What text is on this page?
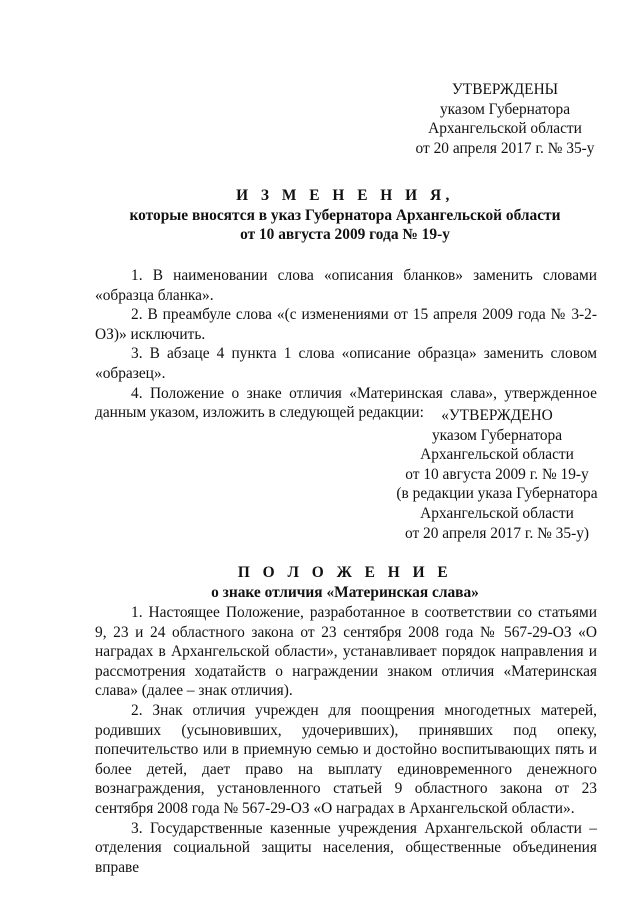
УТВЕРЖДЕНЫ
указом Губернатора
Архангельской области
от 20 апреля 2017 г. № 35-у
И З М Е Н Е Н И Я,
которые вносятся в указ Губернатора Архангельской области
от 10 августа 2009 года № 19-у

1. В наименовании слова «описания бланков» заменить словами «образца бланка».

2. В преамбуле слова «(с изменениями от 15 апреля 2009 года № 3-2-ОЗ)» исключить.

3. В абзаце 4 пункта 1 слова «описание образца» заменить словом «образец».

4. Положение о знаке отличия «Материнская слава», утвержденное данным указом, изложить в следующей редакции:	«УТВЕРЖДЕНО
указом Губернатора
Архангельской области
от 10 августа 2009 г. № 19-у
(в редакции указа Губернатора
Архангельской области
от 20 апреля 2017 г. № 35-у)
П О Л О Ж Е Н И Е
о знаке отличия «Материнская слава»

1. Настоящее Положение, разработанное в соответствии со статьями 9, 23 и 24 областного закона от 23 сентября 2008 года № 567-29-ОЗ «О наградах в Архангельской области», устанавливает порядок направления и рассмотрения ходатайств о награждении знаком отличия «Материнская слава» (далее – знак отличия).

2. Знак отличия учрежден для поощрения многодетных матерей, родивших (усыновивших, удочеривших), принявших под опеку, попечительство или в приемную семью и достойно воспитывающих пять и более детей, дает право на выплату единовременного денежного вознаграждения, установленного статьей 9 областного закона от 23 сентября 2008 года № 567-29-ОЗ «О наградах в Архангельской области».

3. Государственные казенные учреждения Архангельской области – отделения социальной защиты населения, общественные объединения вправе
